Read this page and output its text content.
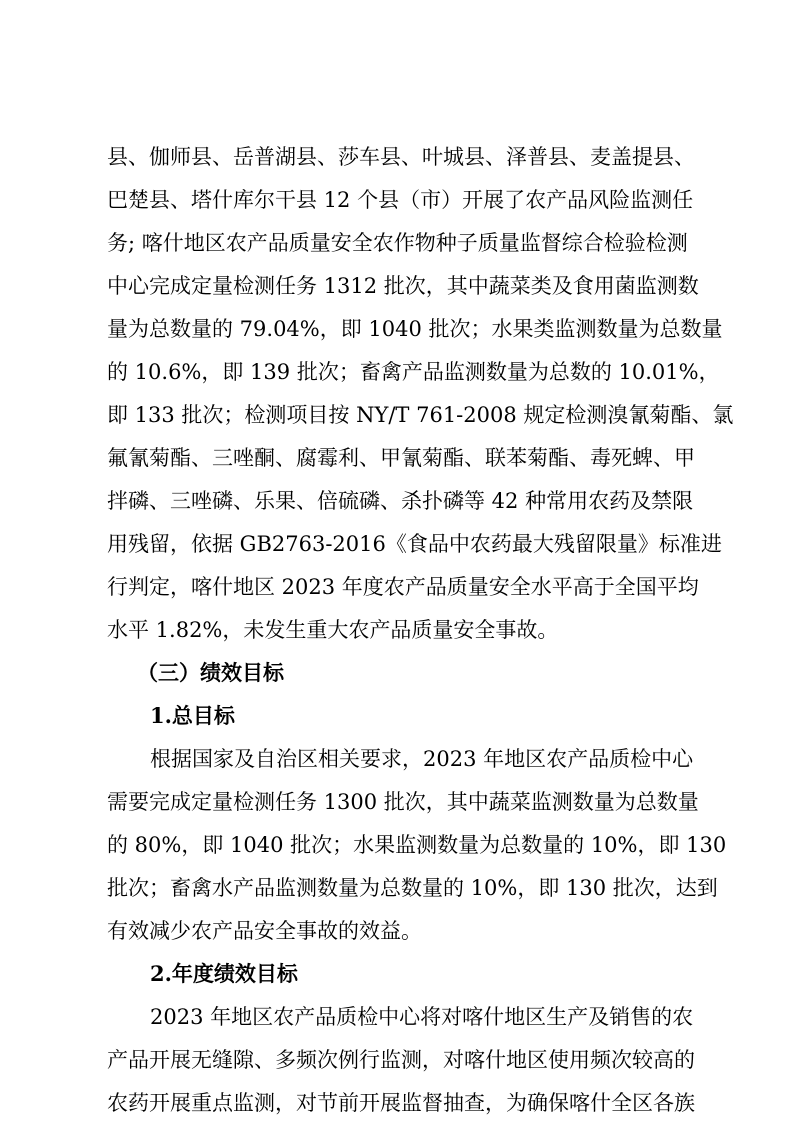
县、伽师县、岳普湖县、莎车县、叶城县、泽普县、麦盖提县、
巴楚县、塔什库尔干县 12 个县（市）开展了农产品风险监测任
务; 喀什地区农产品质量安全农作物种子质量监督综合检验检测
中心完成定量检测任务 1312 批次，其中蔬菜类及食用菌监测数
量为总数量的 79.04%，即 1040 批次；水果类监测数量为总数量
的 10.6%，即 139 批次；畜禽产品监测数量为总数的 10.01%，
即 133 批次；检测项目按 NY/T 761-2008 规定检测溴氰菊酯、氯
氟氰菊酯、三唑酮、腐霉利、甲氰菊酯、联苯菊酯、毒死蜱、甲
拌磷、三唑磷、乐果、倍硫磷、杀扑磷等 42 种常用农药及禁限
用残留，依据 GB2763-2016《食品中农药最大残留限量》标准进
行判定，喀什地区 2023 年度农产品质量安全水平高于全国平均
水平 1.82%，未发生重大农产品质量安全事故。
（三）绩效目标
1.总目标
根据国家及自治区相关要求，2023 年地区农产品质检中心
需要完成定量检测任务 1300 批次，其中蔬菜监测数量为总数量
的 80%，即 1040 批次；水果监测数量为总数量的 10%，即 130
批次；畜禽水产品监测数量为总数量的 10%，即 130 批次，达到
有效减少农产品安全事故的效益。
2.年度绩效目标
2023 年地区农产品质检中心将对喀什地区生产及销售的农
产品开展无缝隙、多频次例行监测，对喀什地区使用频次较高的
农药开展重点监测，对节前开展监督抽查，为确保喀什全区各族
